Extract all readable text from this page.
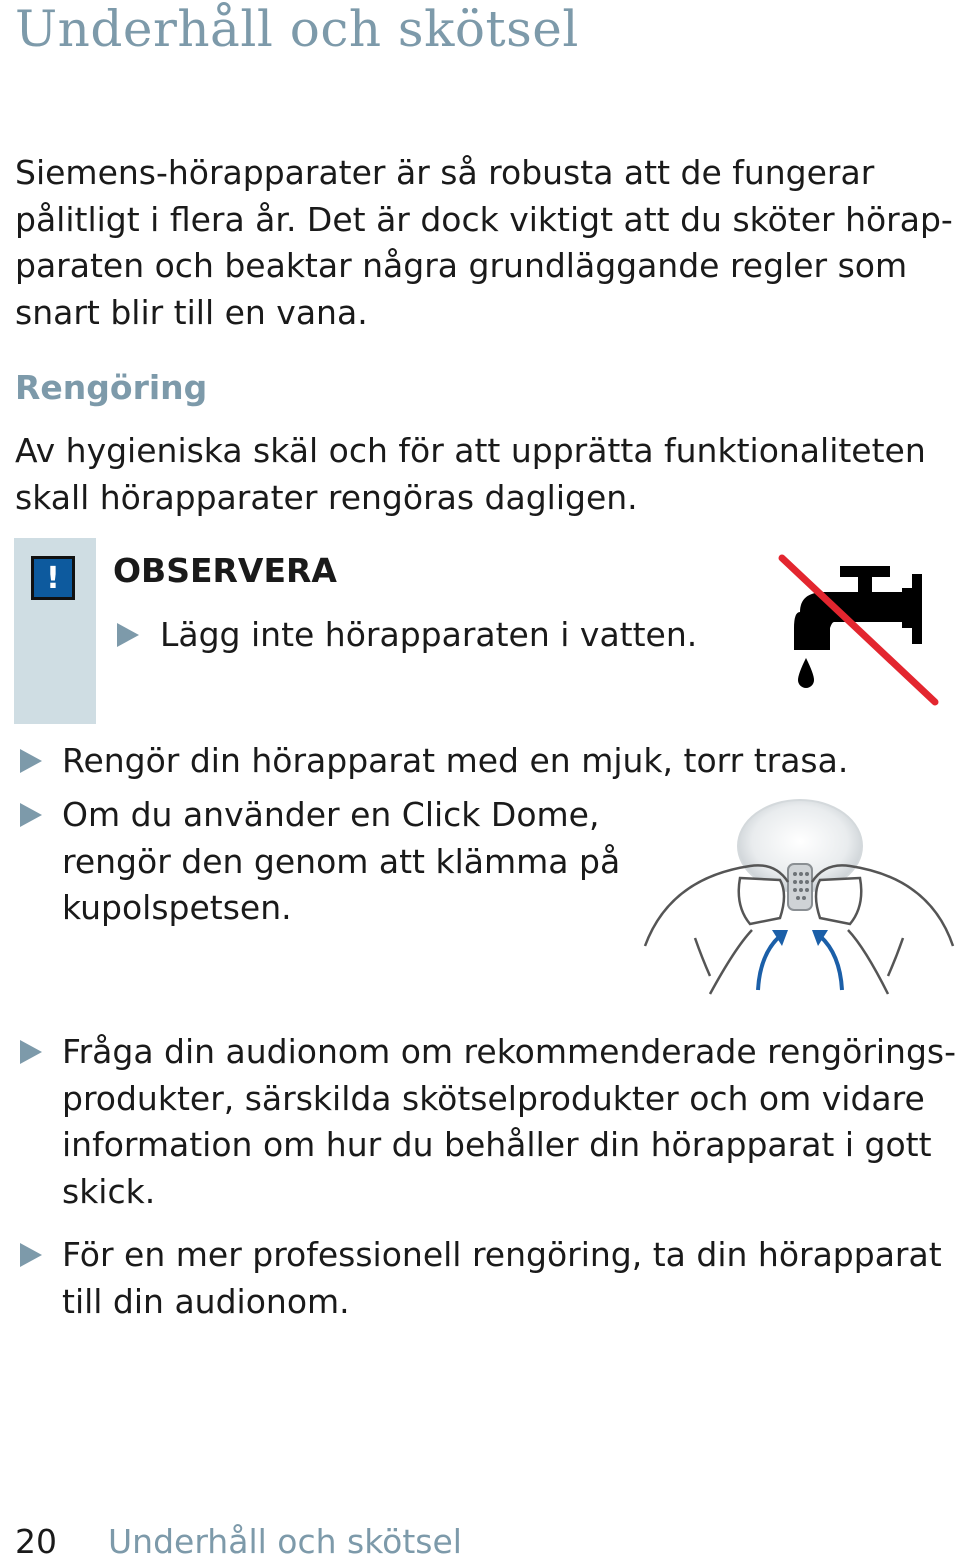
Underhåll och skötsel
Siemens-hörapparater är så robusta att de fungerar
pålitligt i flera år. Det är dock viktigt att du sköter hörap-
paraten och beaktar några grundläggande regler som
snart blir till en vana.
Rengöring
Av hygieniska skäl och för att upprätta funktionaliteten
skall hörapparater rengöras dagligen.
!	OBSERVERA
Lägg inte hörapparaten i vatten.
Rengör din hörapparat med en mjuk, torr trasa.
Om du använder en Click Dome,
rengör den genom att klämma på
kupolspetsen.
Fråga din audionom om rekommenderade rengörings-
produkter, särskilda skötselprodukter och om vidare
information om hur du behåller din hörapparat i gott
skick.
För en mer professionell rengöring, ta din hörapparat
till din audionom.
20 Underhåll och skötsel
